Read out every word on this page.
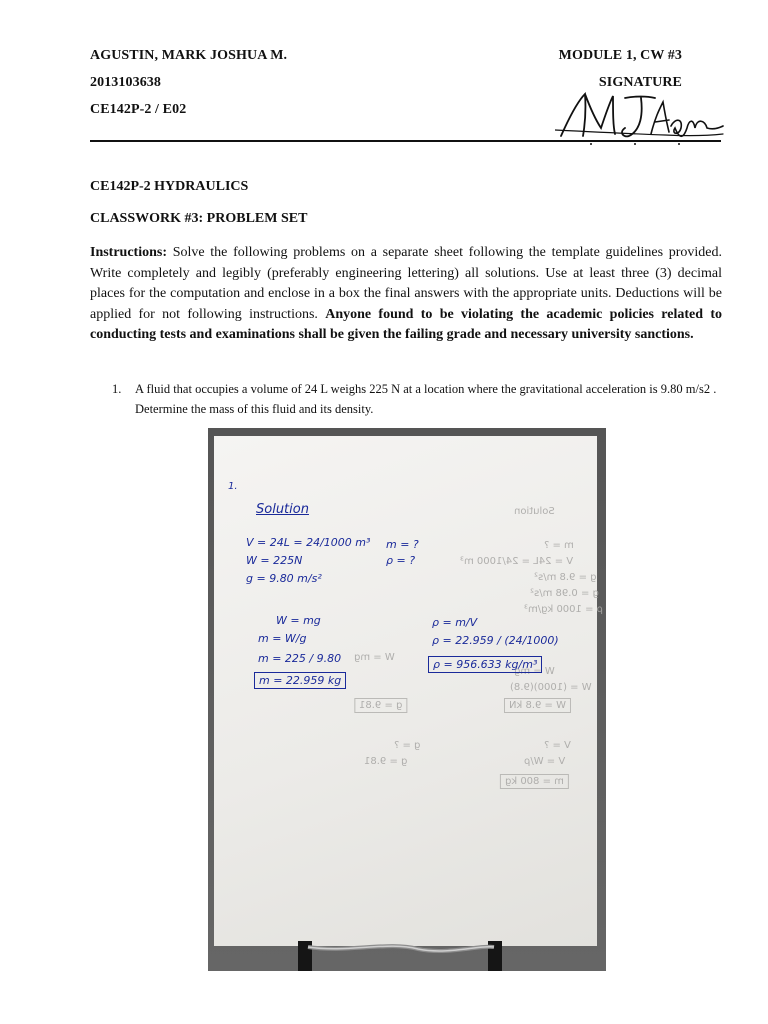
AGUSTIN, MARK JOSHUA M.
2013103638
CE142P-2 / E02
MODULE 1, CW #3
SIGNATURE
CE142P-2 HYDRAULICS
CLASSWORK #3: PROBLEM SET
Instructions: Solve the following problems on a separate sheet following the template guidelines provided. Write completely and legibly (preferably engineering lettering) all solutions. Use at least three (3) decimal places for the computation and enclose in a box the final answers with the appropriate units. Deductions will be applied for not following instructions. Anyone found to be violating the academic policies related to conducting tests and examinations shall be given the failing grade and necessary university sanctions.
1. A fluid that occupies a volume of 24 L weighs 225 N at a location where the gravitational acceleration is 9.80 m/s2 . Determine the mass of this fluid and its density.
Solution
m = ?
V = 24L = 24/1000 m³
g = 9.8 m/s²
g = 0.98 m/s²
ρ = 1000 kg/m³
W = mg
W = mg
W = (1000)(9.8)
W = 9.8 kN
g = 9.81
V = ?
V = W/ρ
m = 800 kg
g = ?
g = 9.81
1.
Solution
V = 24L = 24/1000 m³
W = 225N
g = 9.80 m/s²
m = ?
ρ = ?
W = mg
m = W/g
m = 225 / 9.80
m = 22.959 kg
ρ = m/V
ρ = 22.959 / (24/1000)
ρ = 956.633 kg/m³
